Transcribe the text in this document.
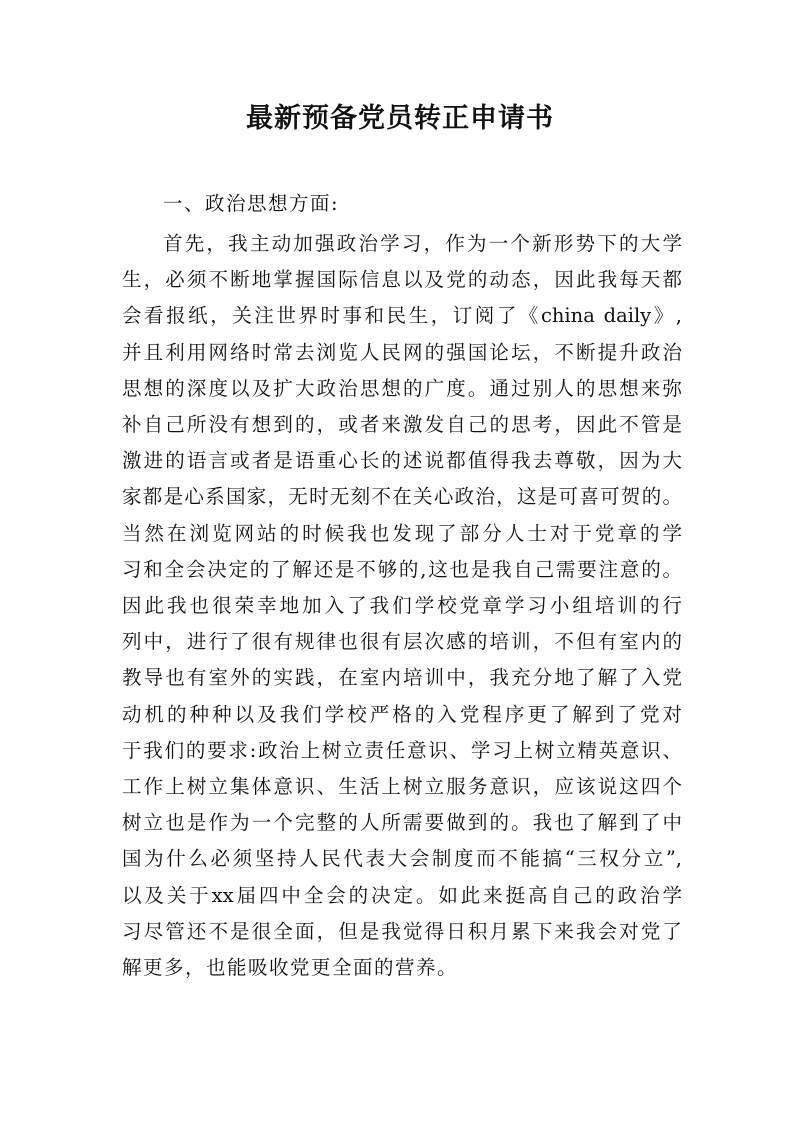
最新预备党员转正申请书

一、政治思想方面:

首先，我主动加强政治学习，作为一个新形势下的大学
生，必须不断地掌握国际信息以及党的动态，因此我每天都
会看报纸，关注世界时事和民生，订阅了《china daily》,
并且利用网络时常去浏览人民网的强国论坛，不断提升政治
思想的深度以及扩大政治思想的广度。通过别人的思想来弥
补自己所没有想到的，或者来激发自己的思考，因此不管是
激进的语言或者是语重心长的述说都值得我去尊敬，因为大
家都是心系国家，无时无刻不在关心政治，这是可喜可贺的。
当然在浏览网站的时候我也发现了部分人士对于党章的学
习和全会决定的了解还是不够的,这也是我自己需要注意的。
因此我也很荣幸地加入了我们学校党章学习小组培训的行
列中，进行了很有规律也很有层次感的培训，不但有室内的
教导也有室外的实践，在室内培训中，我充分地了解了入党
动机的种种以及我们学校严格的入党程序更了解到了党对
于我们的要求:政治上树立责任意识、学习上树立精英意识、
工作上树立集体意识、生活上树立服务意识，应该说这四个
树立也是作为一个完整的人所需要做到的。我也了解到了中
国为什么必须坚持人民代表大会制度而不能搞“三权分立”,
以及关于xx届四中全会的决定。如此来挺高自己的政治学
习尽管还不是很全面，但是我觉得日积月累下来我会对党了
解更多，也能吸收党更全面的营养。
